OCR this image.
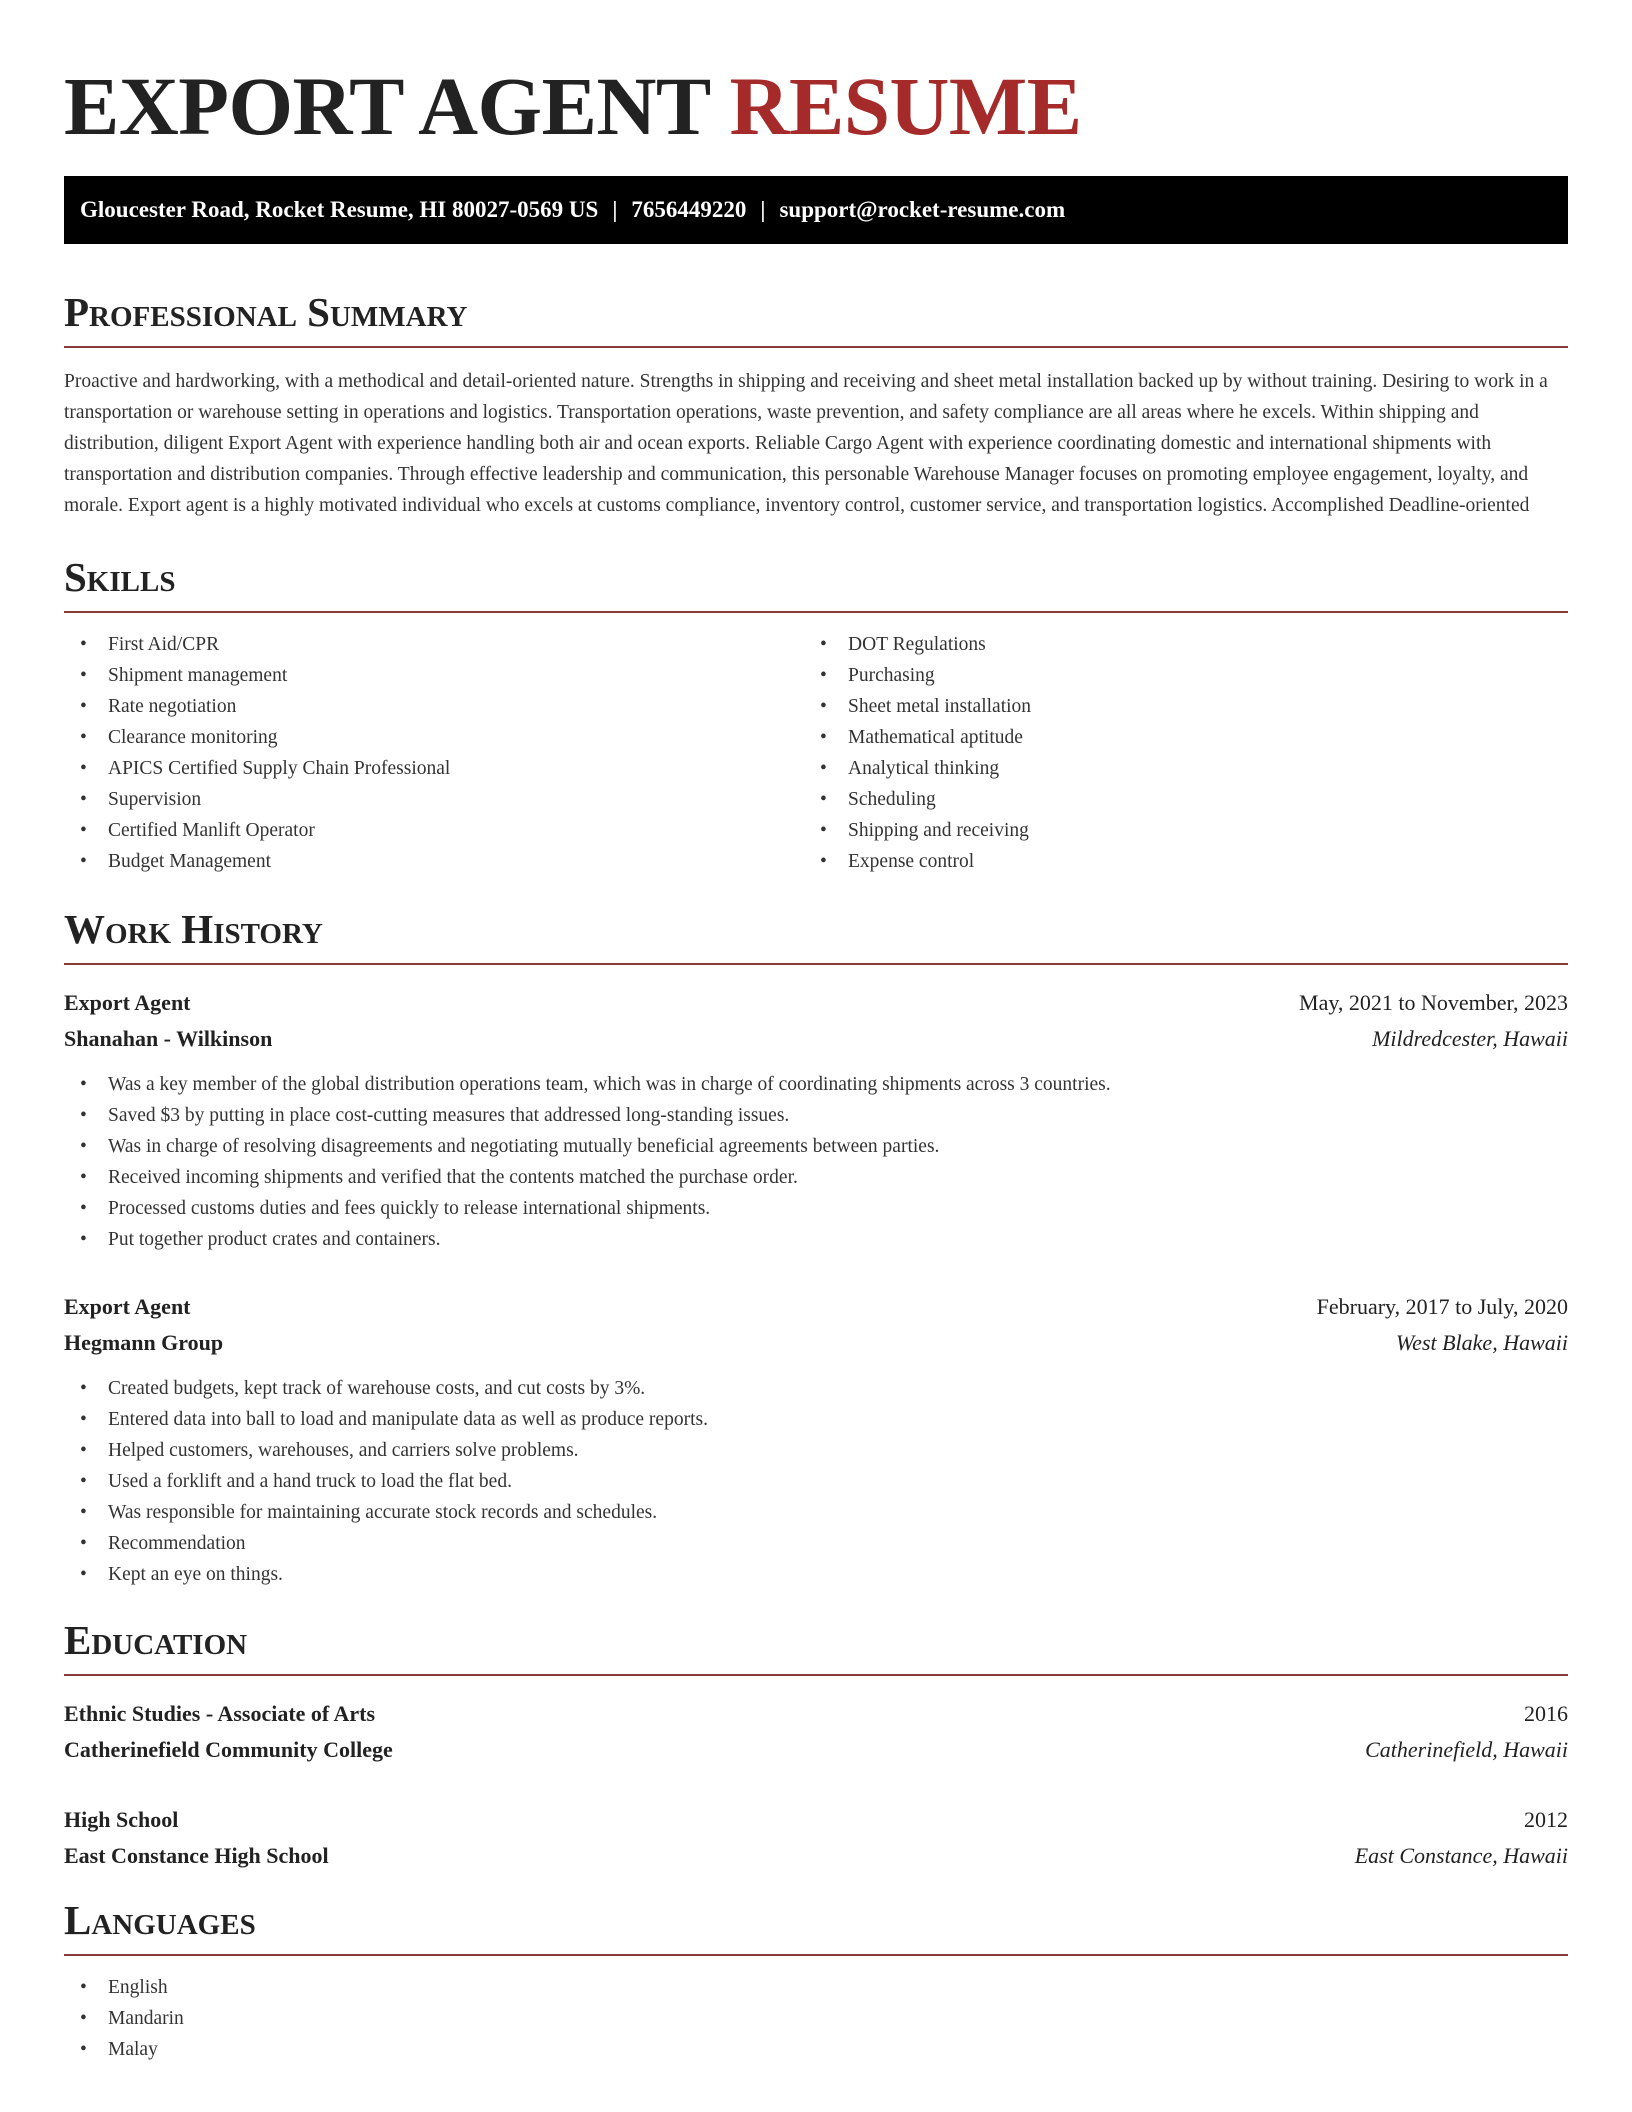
EXPORT AGENT RESUME
Gloucester Road, Rocket Resume, HI 80027-0569 US | 7656449220 | support@rocket-resume.com
Professional Summary

Proactive and hardworking, with a methodical and detail-oriented nature. Strengths in shipping and receiving and sheet metal installation backed up by without training. Desiring to work in a transportation or warehouse setting in operations and logistics. Transportation operations, waste prevention, and safety compliance are all areas where he excels. Within shipping and distribution, diligent Export Agent with experience handling both air and ocean exports. Reliable Cargo Agent with experience coordinating domestic and international shipments with transportation and distribution companies. Through effective leadership and communication, this personable Warehouse Manager focuses on promoting employee engagement, loyalty, and morale. Export agent is a highly motivated individual who excels at customs compliance, inventory control, customer service, and transportation logistics. Accomplished Deadline-oriented

Skills
• First Aid/CPR
• Shipment management
• Rate negotiation
• Clearance monitoring
• APICS Certified Supply Chain Professional
• Supervision
• Certified Manlift Operator
• Budget Management
• DOT Regulations
• Purchasing
• Sheet metal installation
• Mathematical aptitude
• Analytical thinking
• Scheduling
• Shipping and receiving
• Expense control
Work History
Export Agent	May, 2021 to November, 2023
Shanahan - Wilkinson	Mildredcester, Hawaii
• Was a key member of the global distribution operations team, which was in charge of coordinating shipments across 3 countries.
• Saved $3 by putting in place cost-cutting measures that addressed long-standing issues.
• Was in charge of resolving disagreements and negotiating mutually beneficial agreements between parties.
• Received incoming shipments and verified that the contents matched the purchase order.
• Processed customs duties and fees quickly to release international shipments.
• Put together product crates and containers.
Export Agent	February, 2017 to July, 2020
Hegmann Group	West Blake, Hawaii
• Created budgets, kept track of warehouse costs, and cut costs by 3%.
• Entered data into ball to load and manipulate data as well as produce reports.
• Helped customers, warehouses, and carriers solve problems.
• Used a forklift and a hand truck to load the flat bed.
• Was responsible for maintaining accurate stock records and schedules.
• Recommendation
• Kept an eye on things.
Education
Ethnic Studies - Associate of Arts	2016
Catherinefield Community College	Catherinefield, Hawaii
High School	2012
East Constance High School	East Constance, Hawaii
Languages
• English
• Mandarin
• Malay
